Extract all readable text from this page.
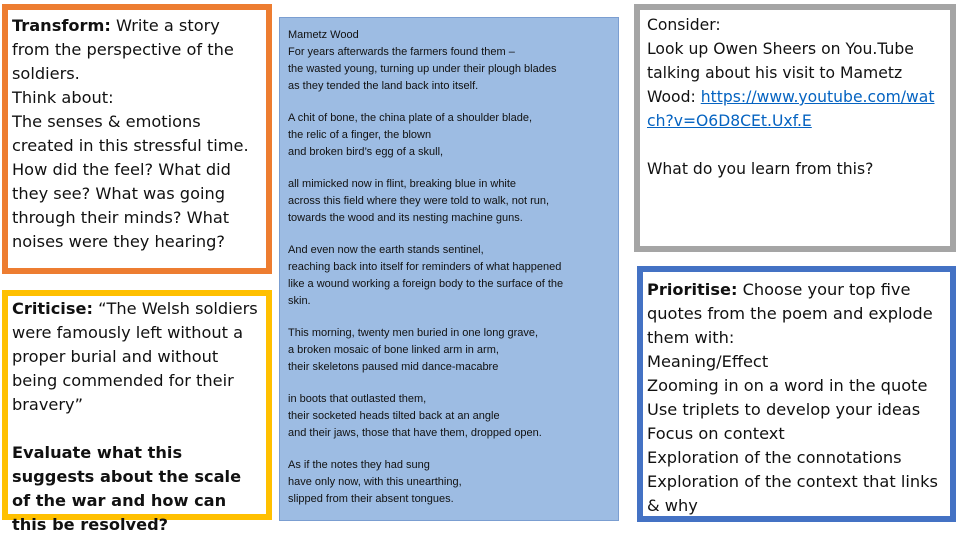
Transform: Write a story from the perspective of the soldiers.
Think about:
The senses & emotions created in this stressful time.
How did the feel? What did they see? What was going through their minds? What noises were they hearing?
Criticise: “The Welsh soldiers were famously left without a proper burial and without being commended for their bravery”
Evaluate what this suggests about the scale of the war and how can this be resolved?
Mametz Wood
For years afterwards the farmers found them –
the wasted young, turning up under their plough blades
as they tended the land back into itself.
A chit of bone, the china plate of a shoulder blade,
the relic of a finger, the blown
and broken bird’s egg of a skull,
all mimicked now in flint, breaking blue in white
across this field where they were told to walk, not run,
towards the wood and its nesting machine guns.
And even now the earth stands sentinel,
reaching back into itself for reminders of what happened
like a wound working a foreign body to the surface of the
skin.
This morning, twenty men buried in one long grave,
a broken mosaic of bone linked arm in arm,
their skeletons paused mid dance-macabre
in boots that outlasted them,
their socketed heads tilted back at an angle
and their jaws, those that have them, dropped open.
As if the notes they had sung
have only now, with this unearthing,
slipped from their absent tongues.
Consider:
Look up Owen Sheers on You.Tube talking about his visit to Mametz Wood: https://www.youtube.com/watch?v=O6D8CEt.Uxf.E
What do you learn from this?
Prioritise: Choose your top five quotes from the poem and explode them with:
Meaning/Effect
Zooming in on a word in the quote
Use triplets to develop your ideas
Focus on context
Exploration of the connotations
Exploration of the context that links & why
